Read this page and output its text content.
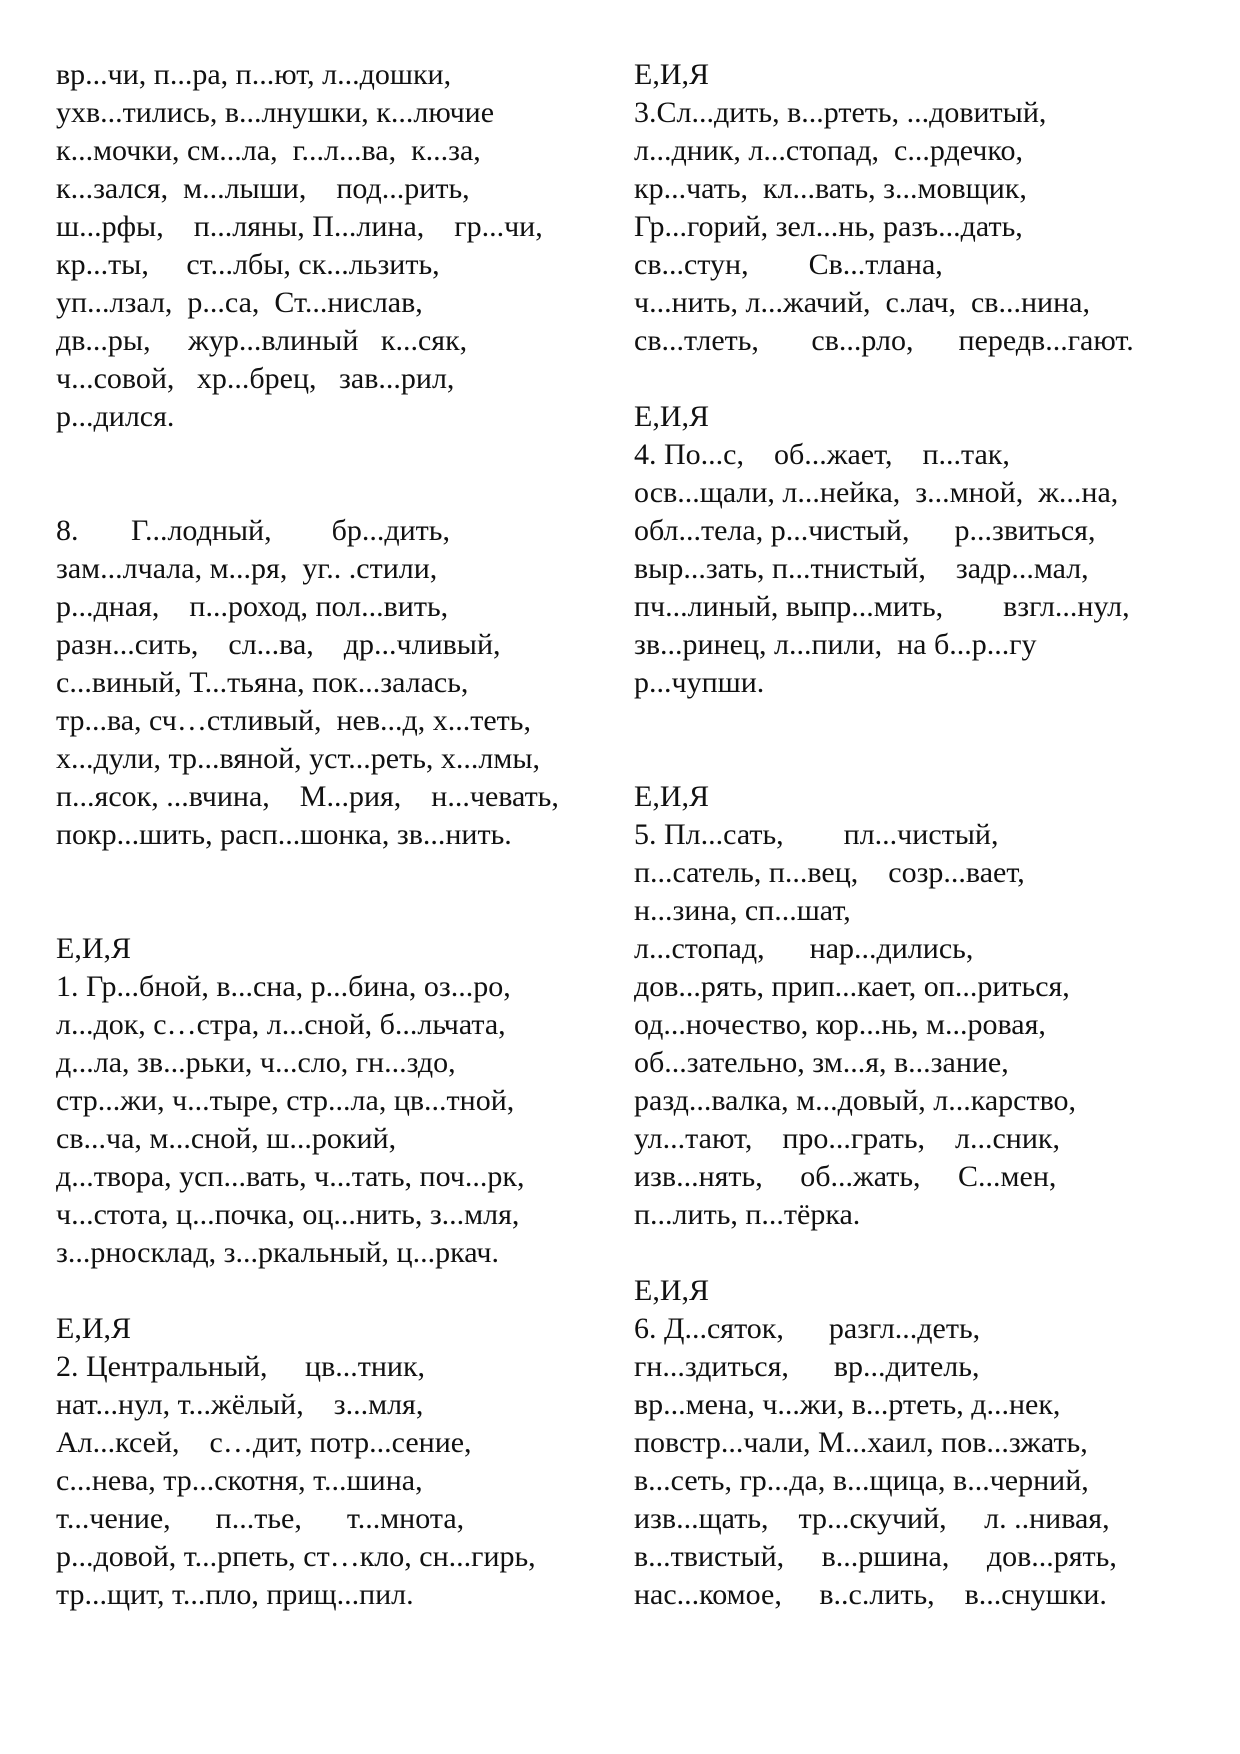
вр...чи, п...ра, п...ют, л...дошки,
ухв...тились, в...лнушки, к...лючие
к...мочки, см...ла,  г...л...ва,  к...за,
к...зался,  м...лыши,    под...рить,
ш...рфы,    п...ляны, П...лина,    гр...чи,
кр...ты,     ст...лбы, ск...льзить,
уп...лзал,  р...са,  Ст...нислав,
дв...ры,     жур...влиный   к...сяк,
ч...совой,   хр...брец,   зав...рил,
р...дился.
8.       Г...лодный,        бр...дить,
зам...лчала, м...ря,  уг.. .стили,
р...дная,    п...роход, пол...вить,
разн...сить,    сл...ва,    др...чливый,
с...виный, Т...тьяна, пок...залась,
тр...ва, сч…стливый,  нев...д, х...теть,
х...дули, тр...вяной, уст...реть, х...лмы,
п...ясок, ...вчина,    М...рия,    н...чевать,
покр...шить, расп...шонка, зв...нить.
Е,И,Я
1. Гр...бной, в...сна, р...бина, оз...ро,
л...док, с…стра, л...сной, б...льчата,
д...ла, зв...рьки, ч...сло, гн...здо,
стр...жи, ч...тыре, стр...ла, цв...тной,
св...ча, м...сной, ш...рокий,
д...твора, усп...вать, ч...тать, поч...рк,
ч...стота, ц...почка, оц...нить, з...мля,
з...рносклад, з...ркальный, ц...ркач.
Е,И,Я
2. Центральный,     цв...тник,
нат...нул, т...жёлый,    з...мля,
Ал...ксей,    с…дит, потр...сение,
с...нева, тр...скотня, т...шина,
т...чение,      п...тье,      т...мнота,
р...довой, т...рпеть, ст…кло, сн...гирь,
тр...щит, т...пло, прищ...пил.
Е,И,Я
3.Сл...дить, в...ртеть, ...довитый,
л...дник, л...стопад,  с...рдечко,
кр...чать,  кл...вать, з...мовщик,
Гр...горий, зел...нь, разъ...дать,
св...стун,        Св...тлана,
ч...нить, л...жачий,  с.лач,  св...нина,
св...тлеть,       св...рло,      передв...гают.
Е,И,Я
4. По...с,    об...жает,    п...так,
осв...щали, л...нейка,  з...мной,  ж...на,
обл...тела, р...чистый,      р...звиться,
выр...зать, п...тнистый,    задр...мал,
пч...линый, выпр...мить,        взгл...нул,
зв...ринец, л...пили,  на б...р...гу
р...чупши.
Е,И,Я
5. Пл...сать,        пл...чистый,
п...сатель, п...вец,    созр...вает,
н...зина, сп...шат,
л...стопад,      нар...дились,
дов...рять, прип...кает, оп...риться,
од...ночество, кор...нь, м...ровая,
об...зательно, зм...я, в...зание,
разд...валка, м...довый, л...карство,
ул...тают,    про...грать,    л...сник,
изв...нять,     об...жать,     С...мен,
п...лить, п...тёрка.
Е,И,Я
6. Д...сяток,      разгл...деть,
гн...здиться,      вр...дитель,
вр...мена, ч...жи, в...ртеть, д...нек,
повстр...чали, М...хаил, пов...зжать,
в...сеть, гр...да, в...щица, в...черний,
изв...щать,    тр...скучий,     л. ..нивая,
в...твистый,     в...ршина,     дов...рять,
нас...комое,     в..с.лить,    в...снушки.
